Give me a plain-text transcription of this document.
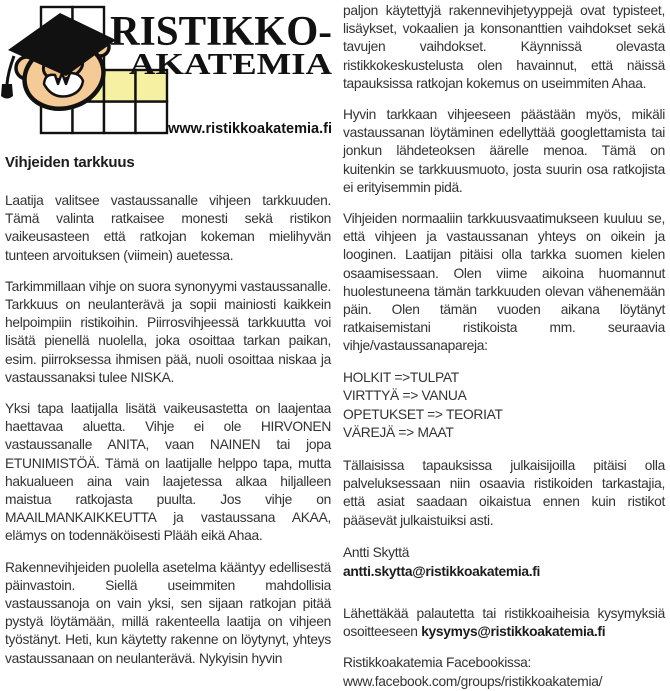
RISTIKKO-
AKATEMIA
www.ristikkoakatemia.fi
Vihjeiden tarkkuus

Laatija valitsee vastaussanalle vihjeen tarkkuuden. Tämä valinta ratkaisee monesti sekä ristikon vaikeusasteen että ratkojan kokeman mielihyvän tunteen arvoituksen (viimein) auetessa.

Tarkimmillaan vihje on suora synonyymi vastaussanalle. Tarkkuus on neulanterävä ja sopii mainiosti kaikkein helpoimpiin ristikoihin. Piirrosvihjeessä tarkkuutta voi lisätä pienellä nuolella, joka osoittaa tarkan paikan, esim. piirroksessa ihmisen pää, nuoli osoittaa niskaa ja vastaussanaksi tulee NISKA.

Yksi tapa laatijalla lisätä vaikeusastetta on laajentaa haettavaa aluetta. Vihje ei ole HIRVONEN vastaussanalle ANITA, vaan NAINEN tai jopa ETUNIMISTÖÄ. Tämä on laatijalle helppo tapa, mutta hakualueen aina vain laajetessa alkaa hiljalleen maistua ratkojasta puulta. Jos vihje on MAAILMANKAIKKEUTTA ja vastaussana AKAA, elämys on todennäköisesti Plääh eikä Ahaa.

Rakennevihjeiden puolella asetelma kääntyy edellisestä päinvastoin. Siellä useimmiten mahdollisia vastaussanoja on vain yksi, sen sijaan ratkojan pitää pystyä löytämään, millä rakenteella laatija on vihjeen työstänyt. Heti, kun käytetty rakenne on löytynyt, yhteys vastaussanaan on neulanterävä. Nykyisin hyvin

paljon käytettyjä rakennevihjetyyppejä ovat typisteet, lisäykset, vokaalien ja konsonanttien vaihdokset sekä tavujen vaihdokset. Käynnissä olevasta ristikkokeskustelusta olen havainnut, että näissä tapauksissa ratkojan kokemus on useimmiten Ahaa.

Hyvin tarkkaan vihjeeseen päästään myös, mikäli vastaussanan löytäminen edellyttää googlettamista tai jonkun lähdeteoksen äärelle menoa. Tämä on kuitenkin se tarkkuusmuoto, josta suurin osa ratkojista ei erityisemmin pidä.

Vihjeiden normaaliin tarkkuusvaatimukseen kuuluu se, että vihjeen ja vastaussanan yhteys on oikein ja looginen. Laatijan pitäisi olla tarkka suomen kielen osaamisessaan. Olen viime aikoina huomannut huolestuneena tämän tarkkuuden olevan vähenemään päin. Olen tämän vuoden aikana löytänyt ratkaisemistani ristikoista mm. seuraavia vihje/vastaussanapareja:

HOLKIT =>TULPAT
VIRTTYÄ => VANUA
OPETUKSET => TEORIAT
VÄREJÄ => MAAT

Tällaisissa tapauksissa julkaisijoilla pitäisi olla palveluksessaan niin osaavia ristikoiden tarkastajia, että asiat saadaan oikaistua ennen kuin ristikot pääsevät julkaistuiksi asti.

Antti Skyttä
antti.skytta@ristikkoakatemia.fi

Lähettäkää palautetta tai ristikkoaiheisia kysymyksiä osoitteeseen kysymys@ristikkoakatemia.fi

Ristikkoakatemia Facebookissa:
www.facebook.com/groups/ristikkoakatemia/
